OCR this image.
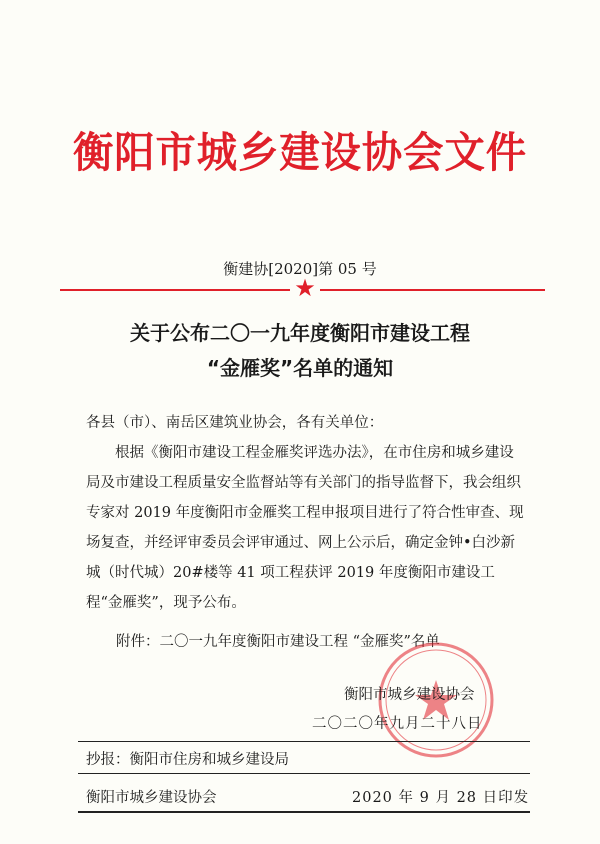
衡阳市城乡建设协会文件
衡建协[2020]第 05 号
★
关于公布二〇一九年度衡阳市建设工程
“金雁奖”名单的通知
各县（市）、南岳区建筑业协会，各有关单位：
根据《衡阳市建设工程金雁奖评选办法》，在市住房和城乡建设局及市建设工程质量安全监督站等有关部门的指导监督下，我会组织专家对 2019 年度衡阳市金雁奖工程申报项目进行了符合性审查、现场复查，并经评审委员会评审通过、网上公示后，确定金钟•白沙新城（时代城）20#楼等 41 项工程获评 2019 年度衡阳市建设工程“金雁奖”，现予公布。
附件：二〇一九年度衡阳市建设工程 “金雁奖”名单
衡阳市城乡建设协会
二〇二〇年九月二十八日
抄报：衡阳市住房和城乡建设局
衡阳市城乡建设协会	2020 年 9 月 28 日印发
